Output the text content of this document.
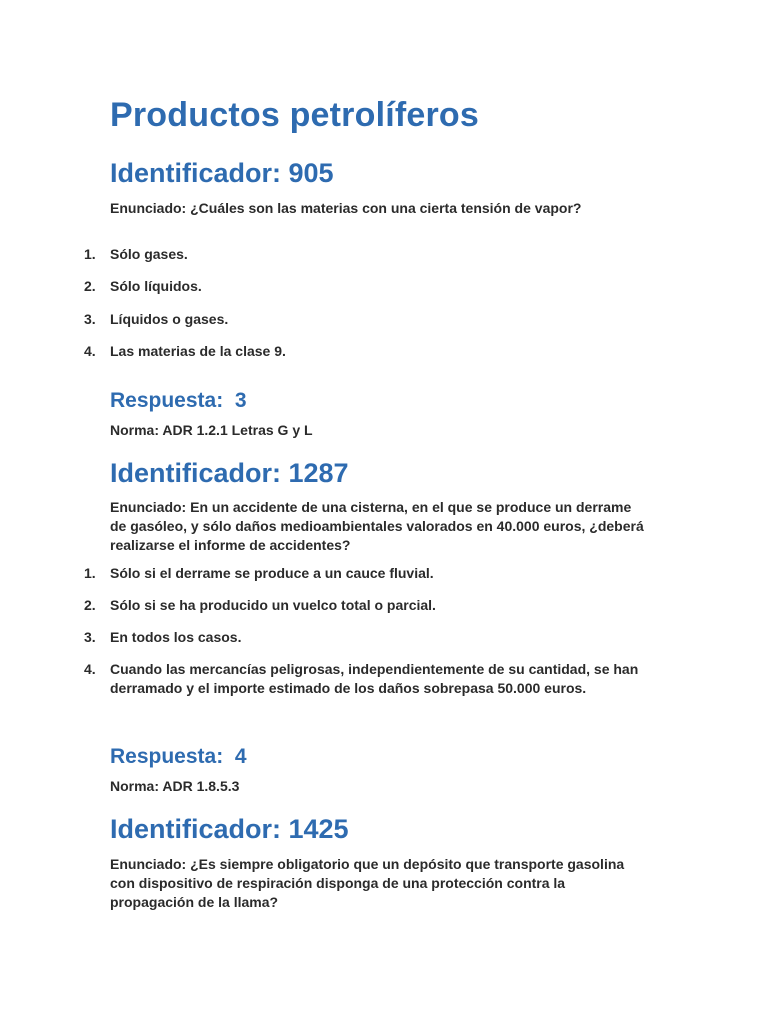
Productos petrolíferos
Identificador: 905

Enunciado: ¿Cuáles son las materias con una cierta tensión de vapor?

1.	Sólo gases.
2.	Sólo líquidos.
3.	Líquidos o gases.
4.	Las materias de la clase 9.
Respuesta:  3

Norma: ADR 1.2.1 Letras G y L

Identificador: 1287

Enunciado: En un accidente de una cisterna, en el que se produce un derrame de gasóleo, y sólo daños medioambientales valorados en 40.000 euros, ¿deberá realizarse el informe de accidentes?

1.	Sólo si el derrame se produce a un cauce fluvial.
2.	Sólo si se ha producido un vuelco total o parcial.
3.	En todos los casos.
4.	Cuando las mercancías peligrosas, independientemente de su cantidad, se han derramado y el importe estimado de los daños sobrepasa 50.000 euros.
Respuesta:  4

Norma: ADR 1.8.5.3

Identificador: 1425

Enunciado: ¿Es siempre obligatorio que un depósito que transporte gasolina con dispositivo de respiración disponga de una protección contra la propagación de la llama?
